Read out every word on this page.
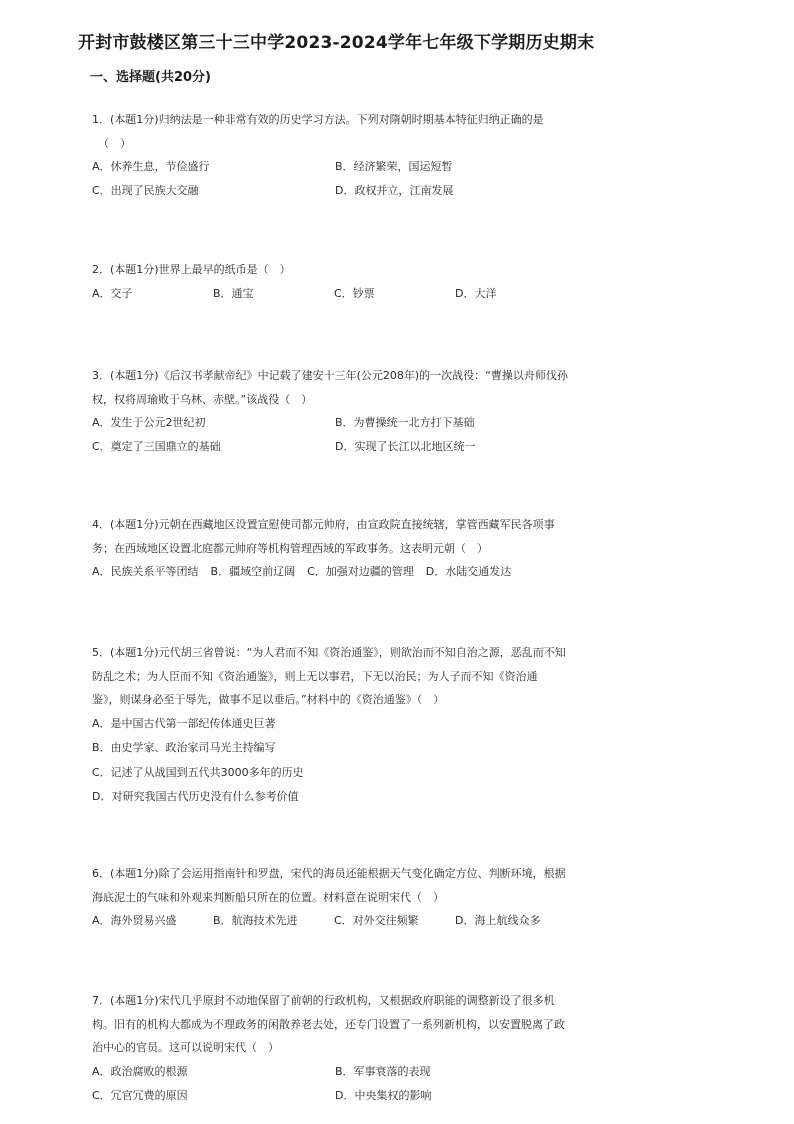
开封市鼓楼区第三十三中学2023-2024学年七年级下学期历史期末
一、选择题(共20分)

1．(本题1分)归纳法是一种非常有效的历史学习方法。下列对隋朝时期基本特征归纳正确的是
（　）

A．休养生息，节俭盛行	B．经济繁荣，国运短暂
C．出现了民族大交融	D．政权并立，江南发展

2．(本题1分)世界上最早的纸币是（　）

A．交子	B．通宝	C．钞票	D．大洋

3．(本题1分)《后汉书孝献帝纪》中记载了建安十三年(公元208年)的一次战役：“曹操以舟师伐孙
权，权将周瑜败于乌林、赤壁。”该战役（　）

A．发生于公元2世纪初	B．为曹操统一北方打下基础
C．奠定了三国鼎立的基础	D．实现了长江以北地区统一

4．(本题1分)元朝在西藏地区设置宣慰使司都元帅府，由宣政院直接统辖，掌管西藏军民各项事
务；在西域地区设置北庭都元帅府等机构管理西域的军政事务。这表明元朝（　）

A．民族关系平等团结 B．疆域空前辽阔 C．加强对边疆的管理 D．水陆交通发达

5．(本题1分)元代胡三省曾说：“为人君而不知《资治通鉴》，则欲治而不知自治之源，恶乱而不知
防乱之术；为人臣而不知《资治通鉴》，则上无以事君，下无以治民；为人子而不知《资治通
鉴》，则谋身必至于辱先，做事不足以垂后。”材料中的《资治通鉴》（　）

A．是中国古代第一部纪传体通史巨著
B．由史学家、政治家司马光主持编写
C．记述了从战国到五代共3000多年的历史
D．对研究我国古代历史没有什么参考价值

6．(本题1分)除了会运用指南针和罗盘，宋代的海员还能根据天气变化确定方位、判断环境，根据
海底泥土的气味和外观来判断船只所在的位置。材料意在说明宋代（　）

A．海外贸易兴盛	B．航海技术先进	C．对外交往频繁	D．海上航线众多

7．(本题1分)宋代几乎原封不动地保留了前朝的行政机构，又根据政府职能的调整新设了很多机
构。旧有的机构大都成为不理政务的闲散养老去处，还专门设置了一系列新机构，以安置脱离了政
治中心的官员。这可以说明宋代（　）

A．政治腐败的根源	B．军事衰落的表现
C．冗官冗费的原因	D．中央集权的影响
